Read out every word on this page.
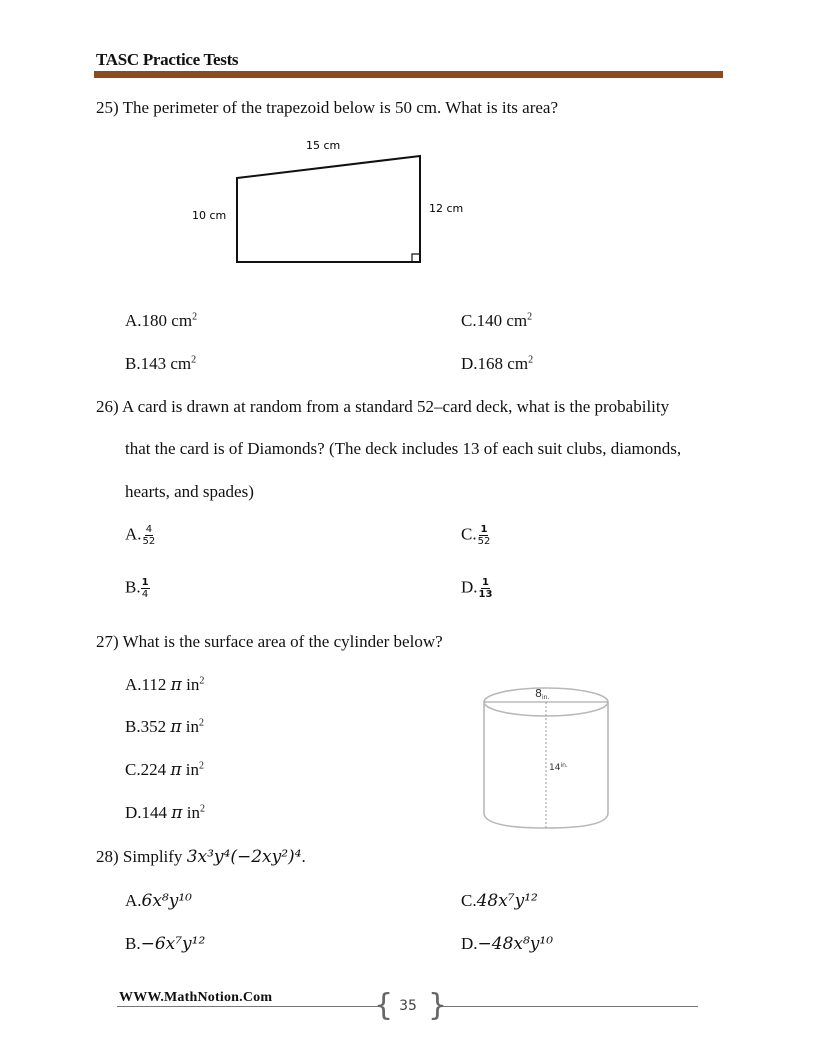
TASC Practice Tests
25) The perimeter of the trapezoid below is 50 cm. What is its area?
15 cm
10 cm
12 cm
A.180 $cm^2$	C.140 $cm^2$
B.143 $cm^2$	D.168 $cm^2$
26) A card is drawn at random from a standard 52–card deck, what is the probability
that the card is of Diamonds? (The deck includes 13 of each suit clubs, diamonds,
hearts, and spades)
A. $\frac{4}{52}$	C. $\frac{1}{52}$
B. $\frac{1}{4}$	D. $\frac{1}{13}$
27) What is the surface area of the cylinder below?
A.112 π $in^2$
B.352 π $in^2$
C.224 π $in^2$
D.144 π $in^2$
8in.
$14^{in.}$
28) Simplify 3x³y⁴(−2xy²)⁴.
A.6x⁸y¹⁰	C.48x⁷y¹²
B.−6x⁷y¹²	D.−48x⁸y¹⁰
WWW.MathNotion.Com	{ 35 }
